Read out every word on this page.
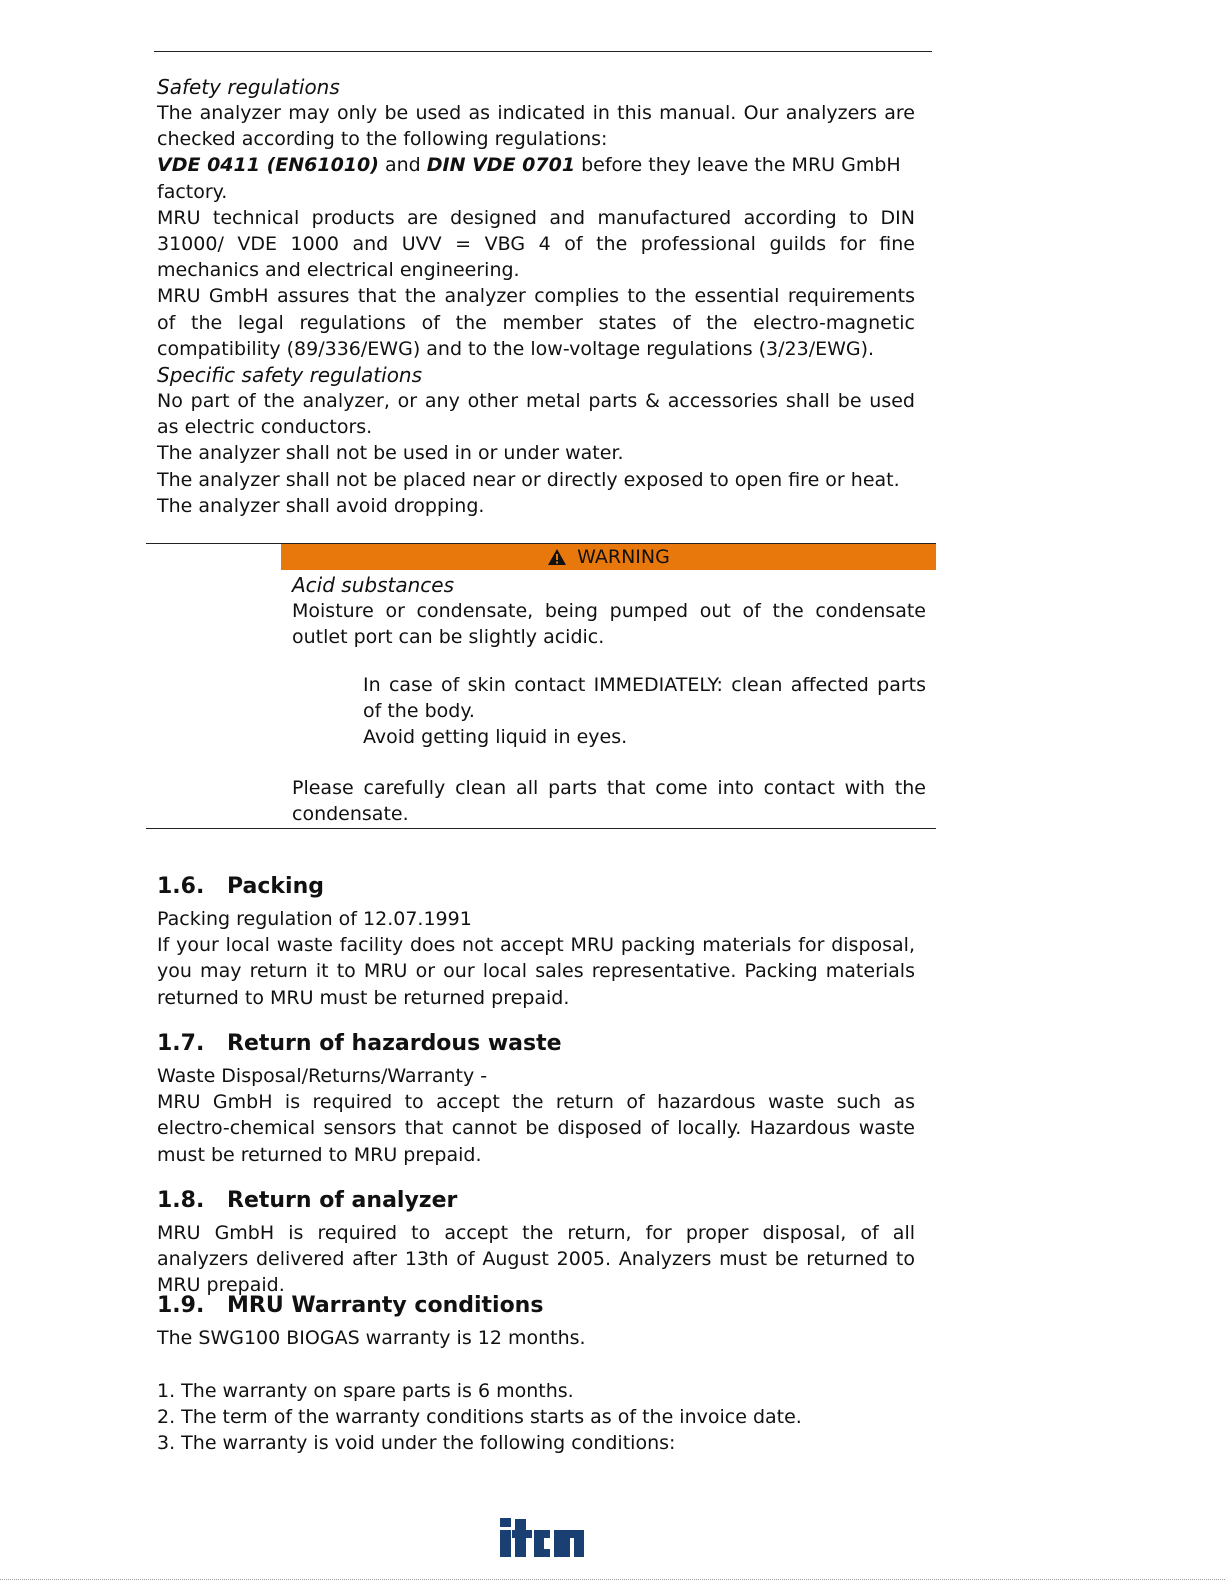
Safety regulations

The analyzer may only be used as indicated in this manual. Our analyzers are checked according to the following regulations:

VDE 0411 (EN61010) and DIN VDE 0701 before they leave the MRU GmbH factory.

MRU technical products are designed and manufactured according to DIN 31000/ VDE 1000 and UVV = VBG 4 of the professional guilds for fine mechanics and electrical engineering.

MRU GmbH assures that the analyzer complies to the essential requirements of the legal regulations of the member states of the electro-magnetic compatibility (89/336/EWG) and to the low-voltage regulations (3/23/EWG).

Specific safety regulations

No part of the analyzer, or any other metal parts & accessories shall be used as electric conductors.

The analyzer shall not be used in or under water.

The analyzer shall not be placed near or directly exposed to open fire or heat.

The analyzer shall avoid dropping.

WARNING

Acid substances

Moisture or condensate, being pumped out of the condensate outlet port can be slightly acidic.

In case of skin contact IMMEDIATELY: clean affected parts of the body.

Avoid getting liquid in eyes.

Please carefully clean all parts that come into contact with the condensate.

1.6. Packing

Packing regulation of 12.07.1991

If your local waste facility does not accept MRU packing materials for disposal, you may return it to MRU or our local sales representative. Packing materials returned to MRU must be returned prepaid.

1.7. Return of hazardous waste

Waste Disposal/Returns/Warranty -

MRU GmbH is required to accept the return of hazardous waste such as electro-chemical sensors that cannot be disposed of locally. Hazardous waste must be returned to MRU prepaid.

1.8. Return of analyzer

MRU GmbH is required to accept the return, for proper disposal, of all analyzers delivered after 13th of August 2005. Analyzers must be returned to MRU prepaid.

1.9. MRU Warranty conditions

The SWG100 BIOGAS warranty is 12 months.

1. The warranty on spare parts is 6 months.

2. The term of the warranty conditions starts as of the invoice date.

3. The warranty is void under the following conditions:
